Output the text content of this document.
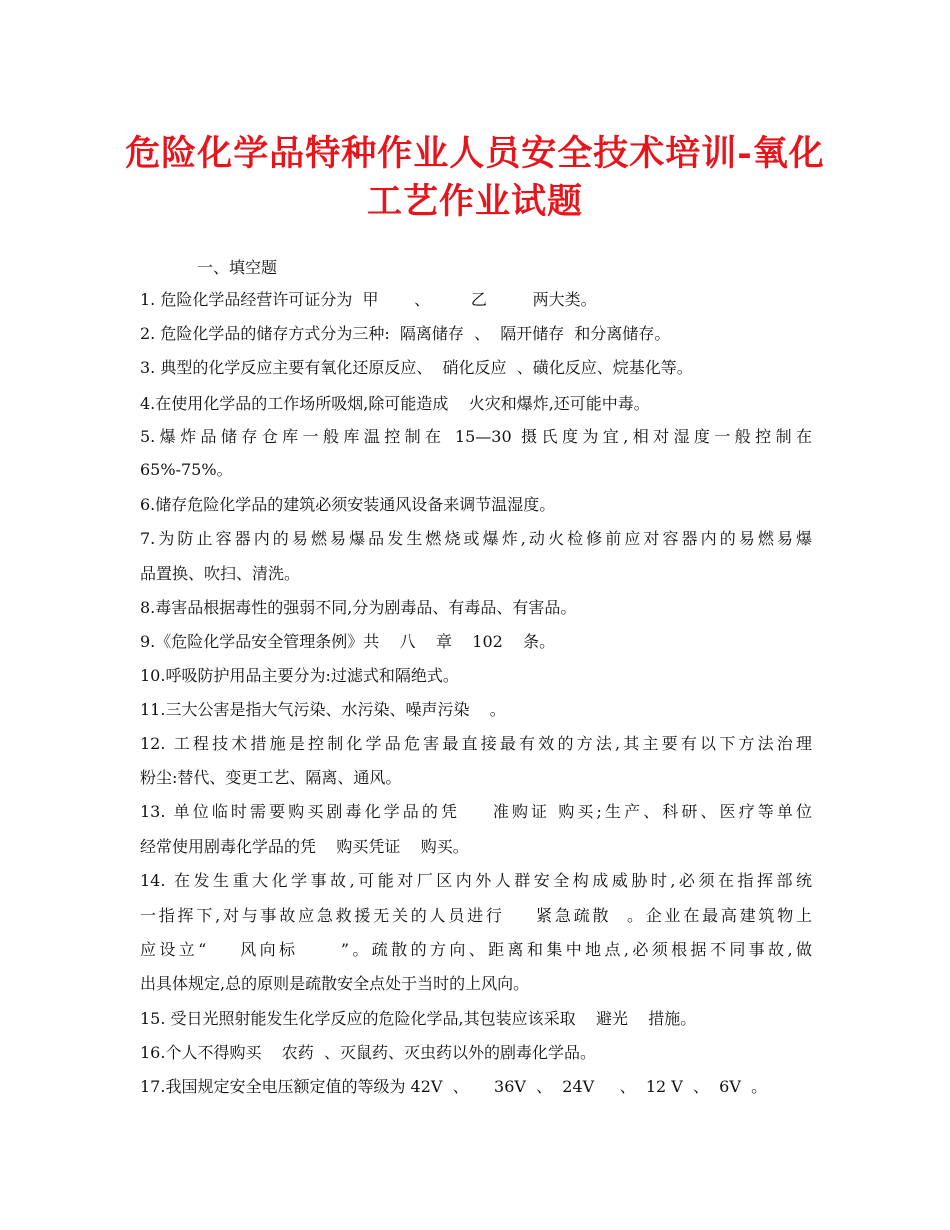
危险化学品特种作业人员安全技术培训-氧化
工艺作业试题
一、填空题
1. 危险化学品经营许可证分为  甲       、        乙         两大类。
2. 危险化学品的储存方式分为三种:  隔离储存  、  隔开储存  和分离储存。
3. 典型的化学反应主要有氧化还原反应、  硝化反应  、磺化反应、烷基化等。
4.在使用化学品的工作场所吸烟,除可能造成    火灾和爆炸,还可能中毒。
5.爆炸品储存仓库一般库温控制在 15—30 摄氏度为宜,相对湿度一般控制在
65%-75%。
6.储存危险化学品的建筑必须安装通风设备来调节温湿度。
7.为防止容器内的易燃易爆品发生燃烧或爆炸,动火检修前应对容器内的易燃易爆
品置换、吹扫、清洗。
8.毒害品根据毒性的强弱不同,分为剧毒品、有毒品、有害品。
9.《危险化学品安全管理条例》共    八    章    102    条。
10.呼吸防护用品主要分为:过滤式和隔绝式。
11.三大公害是指大气污染、水污染、噪声污染    。
12. 工程技术措施是控制化学品危害最直接最有效的方法,其主要有以下方法治理
粉尘:替代、变更工艺、隔离、通风。
13. 单位临时需要购买剧毒化学品的凭    准购证 购买;生产、科研、医疗等单位
经常使用剧毒化学品的凭    购买凭证    购买。
14. 在发生重大化学事故,可能对厂区内外人群安全构成威胁时,必须在指挥部统
一指挥下,对与事故应急救援无关的人员进行    紧急疏散  。企业在最高建筑物上
应设立“    风向标     ”。疏散的方向、距离和集中地点,必须根据不同事故,做
出具体规定,总的原则是疏散安全点处于当时的上风向。
15. 受日光照射能发生化学反应的危险化学品,其包装应该采取    避光    措施。
16.个人不得购买    农药  、灭鼠药、灭虫药以外的剧毒化学品。
17.我国规定安全电压额定值的等级为 42V  、     36V  、  24V     、  12 V  、  6V  。
